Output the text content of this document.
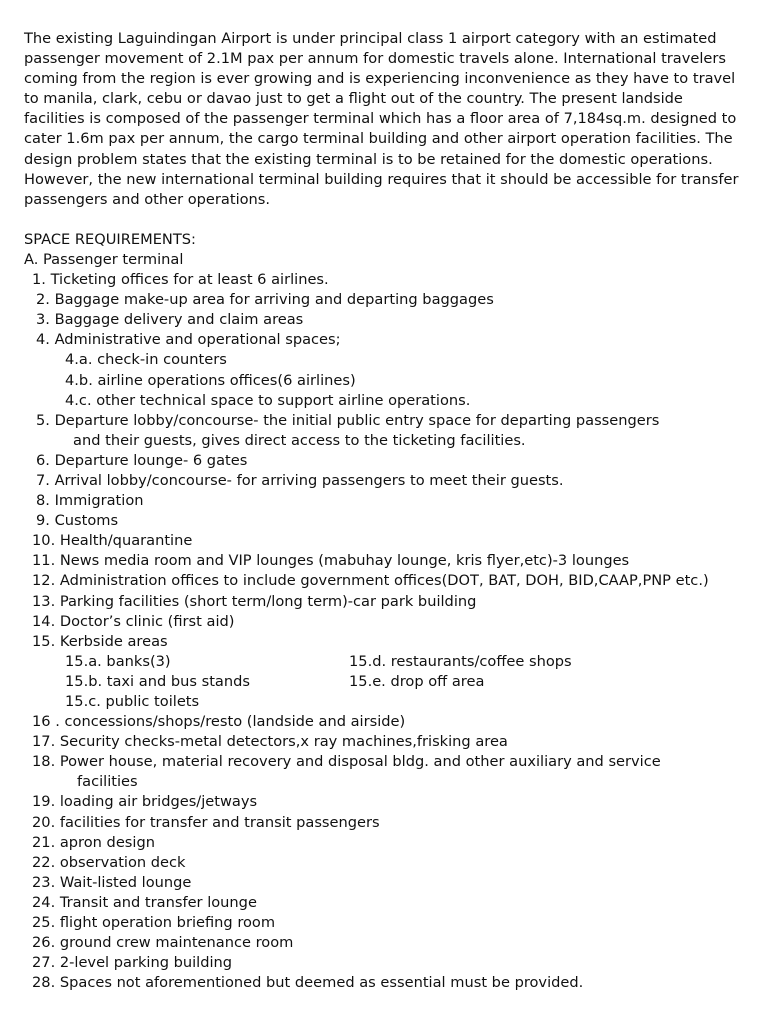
The existing Laguindingan Airport is under principal class 1 airport category with an estimated passenger movement of 2.1M pax per annum for domestic travels alone. International travelers coming from the region is ever growing and is experiencing inconvenience as they have to travel to manila, clark, cebu or davao just to get a flight out of the country. The present landside facilities is composed of the passenger terminal which has a floor area of 7,184sq.m. designed to cater 1.6m pax per annum, the cargo terminal building and other airport operation facilities. The design problem states that the existing terminal is to be retained for the domestic operations. However, the new international terminal building requires that it should be accessible for transfer passengers and other operations.

SPACE REQUIREMENTS:
A. Passenger terminal
1. Ticketing offices for at least 6 airlines.
2. Baggage make-up area for arriving and departing baggages
3. Baggage delivery and claim areas
4. Administrative and operational spaces;
4.a. check-in counters
4.b. airline operations offices(6 airlines)
4.c. other technical space to support airline operations.
5. Departure lobby/concourse- the initial public entry space for departing passengers
and their guests, gives direct access to the ticketing facilities.
6. Departure lounge- 6 gates
7. Arrival lobby/concourse- for arriving passengers to meet their guests.
8. Immigration
9. Customs
10. Health/quarantine
11. News media room and VIP lounges (mabuhay lounge, kris flyer,etc)-3 lounges
12. Administration offices to include government offices(DOT, BAT, DOH, BID,CAAP,PNP etc.)
13. Parking facilities (short term/long term)-car park building
14. Doctor’s clinic (first aid)
15. Kerbside areas
15.a. banks(3)	15.d. restaurants/coffee shops
15.b. taxi and bus stands	15.e. drop off area
15.c. public toilets
16 . concessions/shops/resto (landside and airside)
17. Security checks-metal detectors,x ray machines,frisking area
18. Power house, material recovery and disposal bldg. and other auxiliary and service
facilities
19. loading air bridges/jetways
20. facilities for transfer and transit passengers
21. apron design
22. observation deck
23. Wait-listed lounge
24. Transit and transfer lounge
25. flight operation briefing room
26. ground crew maintenance room
27. 2-level parking building
28. Spaces not aforementioned but deemed as essential must be provided.
